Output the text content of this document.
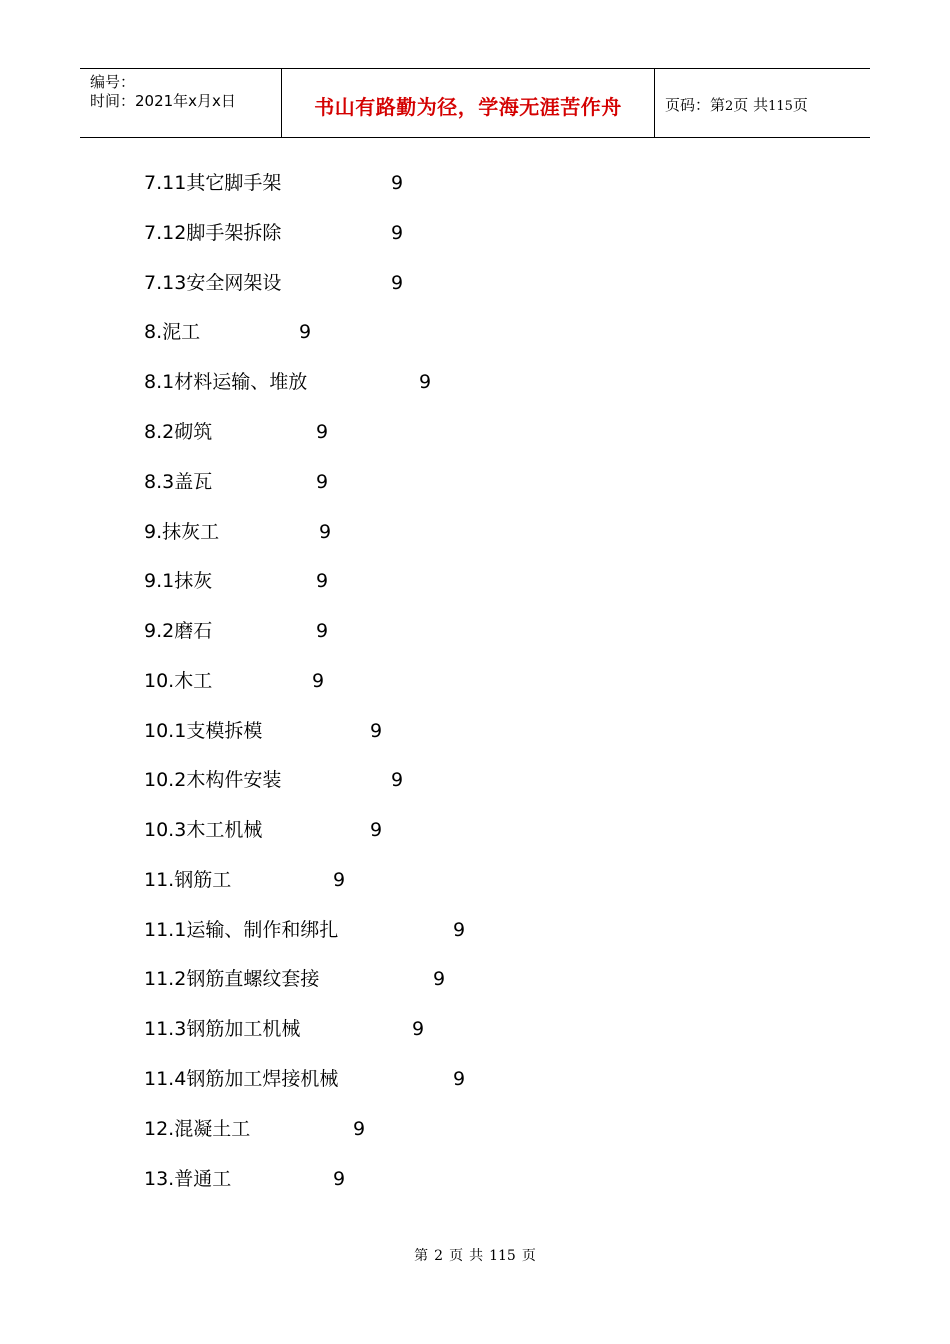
编号：
时间：2021年x月x日	书山有路勤为径，学海无涯苦作舟	页码：第2页 共115页
7.11其它脚手架	9
7.12脚手架拆除	9
7.13安全网架设	9
8.泥工	9
8.1材料运输、堆放	9
8.2砌筑	9
8.3盖瓦	9
9.抹灰工	9
9.1抹灰	9
9.2磨石	9
10.木工	9
10.1支模拆模	9
10.2木构件安装	9
10.3木工机械	9
11.钢筋工	9
11.1运输、制作和绑扎	9
11.2钢筋直螺纹套接	9
11.3钢筋加工机械	9
11.4钢筋加工焊接机械	9
12.混凝土工	9
13.普通工	9
第 2 页 共 115 页
